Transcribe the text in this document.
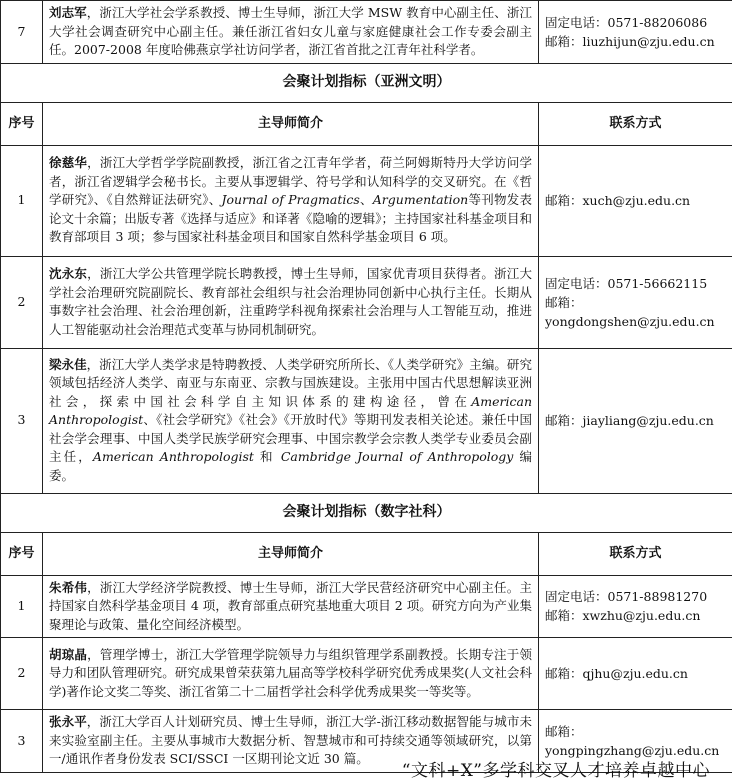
7	刘志军，浙江大学社会学系教授、博士生导师，浙江大学 MSW 教育中心副主任、浙江大学社会调查研究中心副主任。兼任浙江省妇女儿童与家庭健康社会工作专委会副主任。2007-2008 年度哈佛燕京学社访问学者，浙江省首批之江青年社科学者。	固定电话：0571-88206086
邮箱：liuzhijun@zju.edu.cn

会聚计划指标（亚洲文明）		
序号	主导师简介	联系方式
1	徐慈华，浙江大学哲学学院副教授，浙江省之江青年学者，荷兰阿姆斯特丹大学访问学者，浙江省逻辑学会秘书长。主要从事逻辑学、符号学和认知科学的交叉研究。在《哲学研究》、《自然辩证法研究》、Journal of Pragmatics、Argumentation等刊物发表论文十余篇；出版专著《选择与适应》和译著《隐喻的逻辑》；主持国家社科基金项目和教育部项目 3 项；参与国家社科基金项目和国家自然科学基金项目 6 项。	邮箱：xuch@zju.edu.cn

2	沈永东，浙江大学公共管理学院长聘教授，博士生导师，国家优青项目获得者。浙江大学社会治理研究院副院长、教育部社会组织与社会治理协同创新中心执行主任。长期从事数字社会治理、社会治理创新，注重跨学科视角探索社会治理与人工智能互动，推进人工智能驱动社会治理范式变革与协同机制研究。	固定电话：0571-56662115
邮箱：
yongdongshen@zju.edu.cn

3	梁永佳，浙江大学人类学求是特聘教授、人类学研究所所长、《人类学研究》主编。研究领域包括经济人类学、南亚与东南亚、宗教与国族建设。主张用中国古代思想解读亚洲社会，探索中国社会科学自主知识体系的建构途径，曾在American Anthropologist、《社会学研究》《社会》《开放时代》等期刊发表相关论述。兼任中国社会学会理事、中国人类学民族学研究会理事、中国宗教学会宗教人类学专业委员会副主任，American Anthropologist 和 Cambridge Journal of Anthropology 编委。	邮箱：jiayliang@zju.edu.cn

会聚计划指标（数字社科）		
序号	主导师简介	联系方式
1	朱希伟，浙江大学经济学院教授、博士生导师，浙江大学民营经济研究中心副主任。主持国家自然科学基金项目 4 项，教育部重点研究基地重大项目 2 项。研究方向为产业集聚理论与政策、量化空间经济模型。	固定电话：0571-88981270
邮箱：xwzhu@zju.edu.cn

2	胡琼晶，管理学博士，浙江大学管理学院领导力与组织管理学系副教授。长期专注于领导力和团队管理研究。研究成果曾荣获第九届高等学校科学研究优秀成果奖(人文社会科学)著作论文奖二等奖、浙江省第二十二届哲学社会科学优秀成果奖一等奖等。	邮箱：qjhu@zju.edu.cn

3	张永平，浙江大学百人计划研究员、博士生导师，浙江大学-浙江移动数据智能与城市未来实验室副主任。主要从事城市大数据分析、智慧城市和可持续交通等领域研究，以第一/通讯作者身份发表 SCI/SSCI 一区期刊论文近 30 篇。	邮箱：
yongpingzhang@zju.edu.cn
“文科+X”多学科交叉人才培养卓越中心
